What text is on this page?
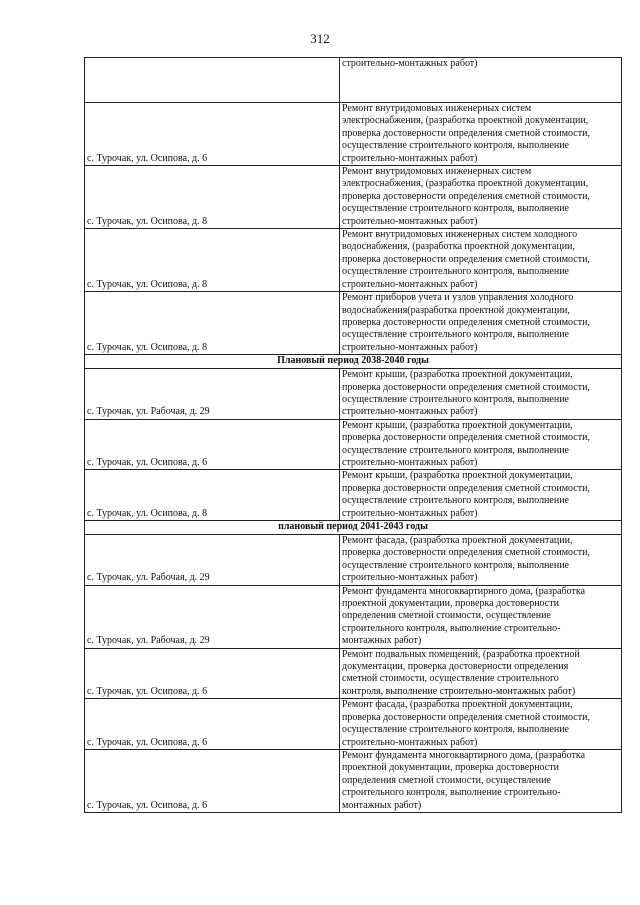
312

	строительно-монтажных работ)

с. Турочак, ул. Осипова, д. 6	Ремонт внутридомовых инженерных систем
электроснабжения, (разработка проектной документации,
проверка достоверности определения сметной стоимости,
осуществление строительного контроля, выполнение
строительно-монтажных работ)

с. Турочак, ул. Осипова, д. 8	Ремонт внутридомовых инженерных систем
электроснабжения, (разработка проектной документации,
проверка достоверности определения сметной стоимости,
осуществление строительного контроля, выполнение
строительно-монтажных работ)

с. Турочак, ул. Осипова, д. 8	Ремонт внутридомовых инженерных систем холодного
водоснабжения, (разработка проектной документации,
проверка достоверности определения сметной стоимости,
осуществление строительного контроля, выполнение
строительно-монтажных работ)

с. Турочак, ул. Осипова, д. 8	Ремонт приборов учета и узлов управления холодного
водоснабжения(разработка проектной документации,
проверка достоверности определения сметной стоимости,
осуществление строительного контроля, выполнение
строительно-монтажных работ)

Плановый период 2038-2040 годы	
с. Турочак, ул. Рабочая, д. 29	Ремонт крыши, (разработка проектной документации,
проверка достоверности определения сметной стоимости,
осуществление строительного контроля, выполнение
строительно-монтажных работ)

с. Турочак, ул. Осипова, д. 6	Ремонт крыши, (разработка проектной документации,
проверка достоверности определения сметной стоимости,
осуществление строительного контроля, выполнение
строительно-монтажных работ)

с. Турочак, ул. Осипова, д. 8	Ремонт крыши, (разработка проектной документации,
проверка достоверности определения сметной стоимости,
осуществление строительного контроля, выполнение
строительно-монтажных работ)

плановый период 2041-2043 годы	
с. Турочак, ул. Рабочая, д. 29	Ремонт фасада, (разработка проектной документации,
проверка достоверности определения сметной стоимости,
осуществление строительного контроля, выполнение
строительно-монтажных работ)

с. Турочак, ул. Рабочая, д. 29	Ремонт фундамента многоквартирного дома, (разработка
проектной документации, проверка достоверности
определения сметной стоимости, осуществление
строительного контроля, выполнение строительно-
монтажных работ)

с. Турочак, ул. Осипова, д. 6	Ремонт подвальных помещений, (разработка проектной
документации, проверка достоверности определения
сметной стоимости, осуществление строительного
контроля, выполнение строительно-монтажных работ)

с. Турочак, ул. Осипова, д. 6	Ремонт фасада, (разработка проектной документации,
проверка достоверности определения сметной стоимости,
осуществление строительного контроля, выполнение
строительно-монтажных работ)

с. Турочак, ул. Осипова, д. 6	Ремонт фундамента многоквартирного дома, (разработка
проектной документации, проверка достоверности
определения сметной стоимости, осуществление
строительного контроля, выполнение строительно-
монтажных работ)
